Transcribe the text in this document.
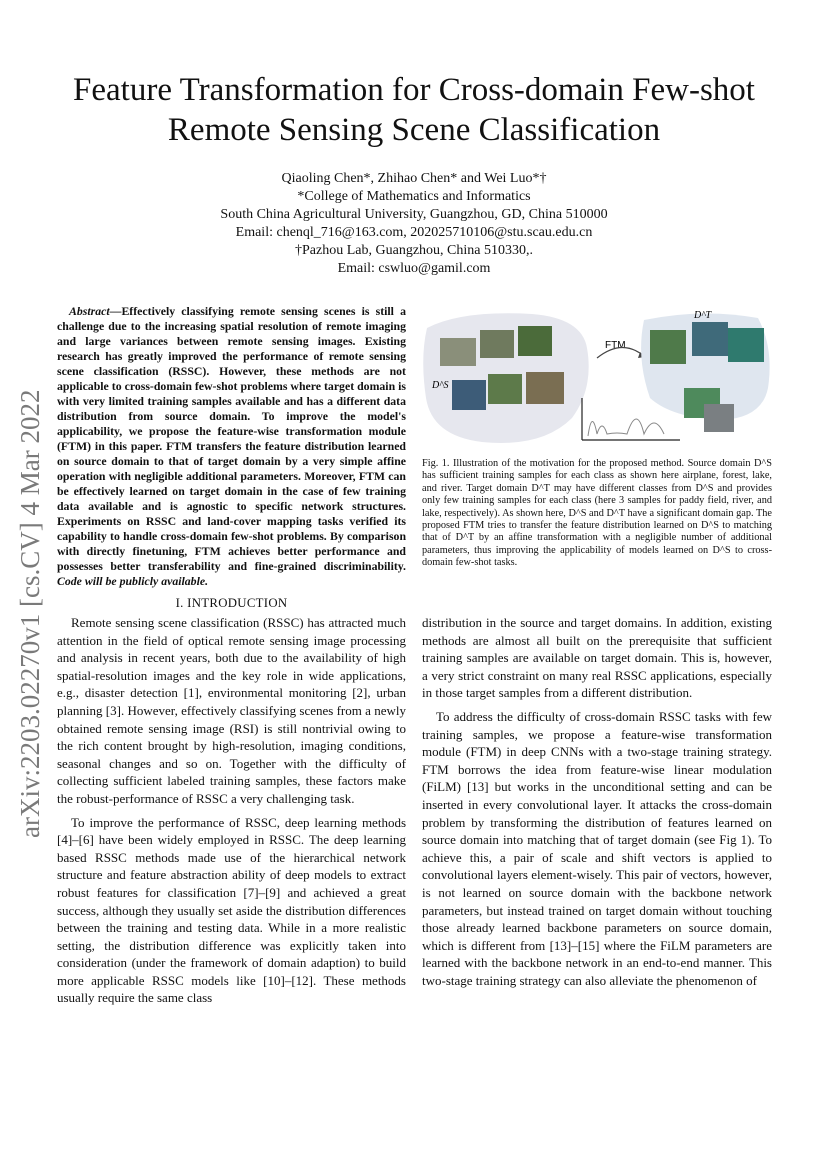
arXiv:2203.02270v1 [cs.CV] 4 Mar 2022
Feature Transformation for Cross-domain Few-shot
Remote Sensing Scene Classification
Qiaoling Chen*, Zhihao Chen* and Wei Luo*†
*College of Mathematics and Informatics
South China Agricultural University, Guangzhou, GD, China 510000
Email: chenql_716@163.com, 202025710106@stu.scau.edu.cn
†Pazhou Lab, Guangzhou, China 510330,.
Email: cswluo@gamil.com
Abstract—Effectively classifying remote sensing scenes is still a challenge due to the increasing spatial resolution of remote imaging and large variances between remote sensing images. Existing research has greatly improved the performance of remote sensing scene classification (RSSC). However, these methods are not applicable to cross-domain few-shot problems where target domain is with very limited training samples available and has a different data distribution from source domain. To improve the model's applicability, we propose the feature-wise transformation module (FTM) in this paper. FTM transfers the feature distribution learned on source domain to that of target domain by a very simple affine operation with negligible additional parameters. Moreover, FTM can be effectively learned on target domain in the case of few training data available and is agnostic to specific network structures. Experiments on RSSC and land-cover mapping tasks verified its capability to handle cross-domain few-shot problems. By comparison with directly finetuning, FTM achieves better performance and possesses better transferability and fine-grained discriminability. Code will be publicly available.
I. INTRODUCTION

Remote sensing scene classification (RSSC) has attracted much attention in the field of optical remote sensing image processing and analysis in recent years, both due to the availability of high spatial-resolution images and the key role in wide applications, e.g., disaster detection [1], environmental monitoring [2], urban planning [3]. However, effectively classifying scenes from a newly obtained remote sensing image (RSI) is still nontrivial owing to the rich content brought by high-resolution, imaging conditions, seasonal changes and so on. Together with the difficulty of collecting sufficient labeled training samples, these factors make the robust-performance of RSSC a very challenging task.

To improve the performance of RSSC, deep learning methods [4]–[6] have been widely employed in RSSC. The deep learning based RSSC methods made use of the hierarchical network structure and feature abstraction ability of deep models to extract robust features for classification [7]–[9] and achieved a great success, although they usually set aside the distribution differences between the training and testing data. While in a more realistic setting, the distribution difference was explicitly taken into consideration (under the framework of domain adaption) to build more applicable RSSC models like [10]–[12]. These methods usually require the same class

D^S
FTM
D^T
Fig. 1. Illustration of the motivation for the proposed method. Source domain D^S has sufficient training samples for each class as shown here airplane, forest, lake, and river. Target domain D^T may have different classes from D^S and provides only few training samples for each class (here 3 samples for paddy field, river, and lake, respectively). As shown here, D^S and D^T have a significant domain gap. The proposed FTM tries to transfer the feature distribution learned on D^S to matching that of D^T by an affine transformation with a negligible number of additional parameters, thus improving the applicability of models learned on D^S to cross-domain few-shot tasks.

distribution in the source and target domains. In addition, existing methods are almost all built on the prerequisite that sufficient training samples are available on target domain. This is, however, a very strict constraint on many real RSSC applications, especially in those target samples from a different distribution.

To address the difficulty of cross-domain RSSC tasks with few training samples, we propose a feature-wise transformation module (FTM) in deep CNNs with a two-stage training strategy. FTM borrows the idea from feature-wise linear modulation (FiLM) [13] but works in the unconditional setting and can be inserted in every convolutional layer. It attacks the cross-domain problem by transforming the distribution of features learned on source domain into matching that of target domain (see Fig 1). To achieve this, a pair of scale and shift vectors is applied to convolutional layers element-wisely. This pair of vectors, however, is not learned on source domain with the backbone network parameters, but instead trained on target domain without touching those already learned backbone parameters on source domain, which is different from [13]–[15] where the FiLM parameters are learned with the backbone network in an end-to-end manner. This two-stage training strategy can also alleviate the phenomenon of
